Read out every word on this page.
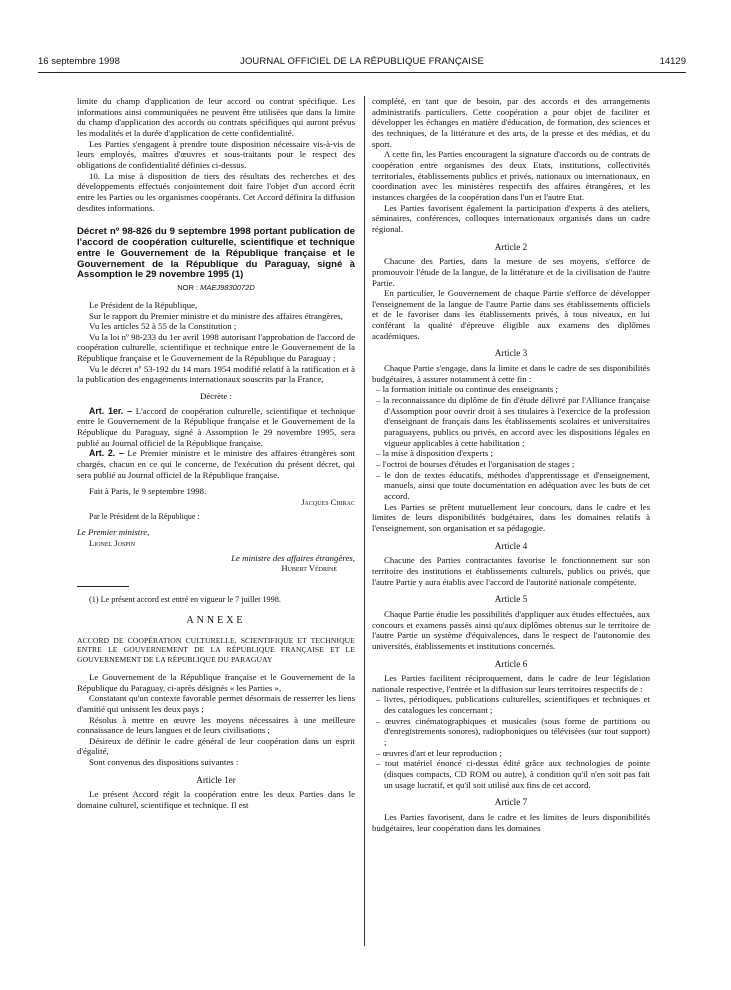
16 septembre 1998	JOURNAL OFFICIEL DE LA RÉPUBLIQUE FRANÇAISE	14129

limite du champ d'application de leur accord ou contrat spécifique. Les informations ainsi communiquées ne peuvent être utilisées que dans la limite du champ d'application des accords ou contrats spécifiques qui auront prévus les modalités et la durée d'application de cette confidentialité.

Les Parties s'engagent à prendre toute disposition nécessaire vis-à-vis de leurs employés, maîtres d'œuvres et sous-traitants pour le respect des obligations de confidentialité définies ci-dessus.

10. La mise à disposition de tiers des résultats des recherches et des développements effectués conjointement doit faire l'objet d'un accord écrit entre les Parties ou les organismes coopérants. Cet Accord définira la diffusion desdites informations.

Décret nº 98-826 du 9 septembre 1998 portant publication de l'accord de coopération culturelle, scientifique et technique entre le Gouvernement de la République française et le Gouvernement de la République du Paraguay, signé à Assomption le 29 novembre 1995 (1)

NOR : MAEJ9830072D

Le Président de la République,

Sur le rapport du Premier ministre et du ministre des affaires étrangères,

Vu les articles 52 à 55 de la Constitution ;

Vu la loi nº 98-233 du 1er avril 1998 autorisant l'approbation de l'accord de coopération culturelle, scientifique et technique entre le Gouvernement de la République française et le Gouvernement de la République du Paraguay ;

Vu le décret nº 53-192 du 14 mars 1954 modifié relatif à la ratification et à la publication des engagements internationaux souscrits par la France,

Décrète :

Art. 1er. – L'accord de coopération culturelle, scientifique et technique entre le Gouvernement de la République française et le Gouvernement de la République du Paraguay, signé à Assomption le 29 novembre 1995, sera publié au Journal officiel de la République française.

Art. 2. – Le Premier ministre et le ministre des affaires étrangères sont chargés, chacun en ce qui le concerne, de l'exécution du présent décret, qui sera publié au Journal officiel de la République française.

Fait à Paris, le 9 septembre 1998.

Jacques Chirac

Par le Président de la République :

Le Premier ministre,

Lionel Jospin

Le ministre des affaires étrangères,

Hubert Védrine

(1) Le présent accord est entré en vigueur le 7 juillet 1998.

ANNEXE

ACCORD DE COOPÉRATION CULTURELLE, SCIENTIFIQUE ET TECHNIQUE ENTRE LE GOUVERNEMENT DE LA RÉPUBLIQUE FRANÇAISE ET LE GOUVERNEMENT DE LA RÉPUBLIQUE DU PARAGUAY

Le Gouvernement de la République française et le Gouvernement de la République du Paraguay, ci-après désignés « les Parties »,

Constatant qu'un contexte favorable permet désormais de resserrer les liens d'amitié qui unissent les deux pays ;

Résolus à mettre en œuvre les moyens nécessaires à une meilleure connaissance de leurs langues et de leurs civilisations ;

Désireux de définir le cadre général de leur coopération dans un esprit d'égalité,

Sont convenus des dispositions suivantes :

Article 1er

Le présent Accord régit la coopération entre les deux Parties dans le domaine culturel, scientifique et technique. Il est

complété, en tant que de besoin, par des accords et des arrangements administratifs particuliers. Cette coopération a pour objet de faciliter et développer les échanges en matière d'éducation, de formation, des sciences et des techniques, de la littérature et des arts, de la presse et des médias, et du sport.

A cette fin, les Parties encouragent la signature d'accords ou de contrats de coopération entre organismes des deux Etats, institutions, collectivités territoriales, établissements publics et privés, nationaux ou internationaux, en coordination avec les ministères respectifs des affaires étrangères, et les instances chargées de la coopération dans l'un et l'autre Etat.

Les Parties favorisent également la participation d'experts à des ateliers, séminaires, conférences, colloques internationaux organisés dans un cadre régional.

Article 2

Chacune des Parties, dans la mesure de ses moyens, s'efforce de promouvoir l'étude de la langue, de la littérature et de la civilisation de l'autre Partie.

En particulier, le Gouvernement de chaque Partie s'efforce de développer l'enseignement de la langue de l'autre Partie dans ses établissements officiels et de le favoriser dans les établissements privés, à tous niveaux, en lui conférant la qualité d'épreuve éligible aux examens des diplômes académiques.

Article 3

Chaque Partie s'engage, dans la limite et dans le cadre de ses disponibilités budgétaires, à assurer notamment à cette fin :

– la formation initiale ou continue des enseignants ;

– la reconnaissance du diplôme de fin d'étude délivré par l'Alliance française d'Assomption pour ouvrir droit à ses titulaires à l'exercice de la profession d'enseignant de français dans les établissements scolaires et universitaires paraguayens, publics ou privés, en accord avec les dispositions légales en vigueur applicables à cette habilitation ;

– la mise à disposition d'experts ;

– l'octroi de bourses d'études et l'organisation de stages ;

– le don de textes éducatifs, méthodes d'apprentissage et d'enseignement, manuels, ainsi que toute documentation en adéquation avec les buts de cet accord.

Les Parties se prêtent mutuellement leur concours, dans le cadre et les limites de leurs disponibilités budgétaires, dans les domaines relatifs à l'enseignement, son organisation et sa pédagogie.

Article 4

Chacune des Parties contractantes favorise le fonctionnement sur son territoire des institutions et établissements culturels, publics ou privés, que l'autre Partie y aura établis avec l'accord de l'autorité nationale compétente.

Article 5

Chaque Partie étudie les possibilités d'appliquer aux études effectuées, aux concours et examens passés ainsi qu'aux diplômes obtenus sur le territoire de l'autre Partie un système d'équivalences, dans le respect de l'autonomie des universités, établissements et institutions concernés.

Article 6

Les Parties facilitent réciproquement, dans le cadre de leur législation nationale respective, l'entrée et la diffusion sur leurs territoires respectifs de :

– livres, périodiques, publications culturelles, scientifiques et techniques et des catalogues les concernant ;

– œuvres cinématographiques et musicales (sous forme de partitions ou d'enregistrements sonores), radiophoniques ou télévisées (sur tout support) ;

– œuvres d'art et leur reproduction ;

– tout matériel énoncé ci-dessus édité grâce aux technologies de pointe (disques compacts, CD ROM ou autre), à condition qu'il n'en soit pas fait un usage lucratif, et qu'il soit utilisé aux fins de cet accord.

Article 7

Les Parties favorisent, dans le cadre et les limites de leurs disponibilités budgétaires, leur coopération dans les domaines
